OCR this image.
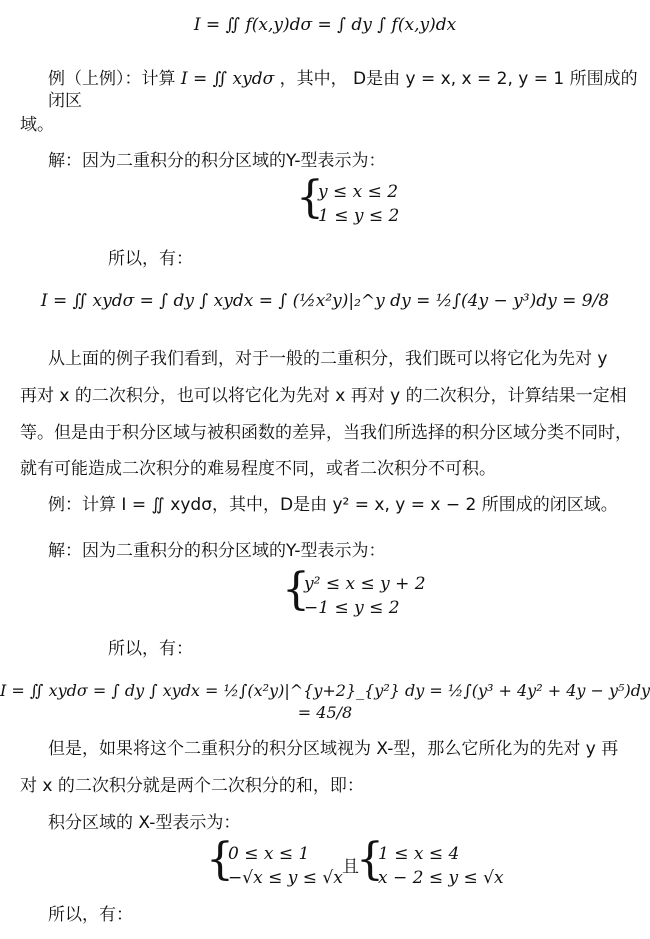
I = ∬ f(x,y)dσ = ∫ dy ∫ f(x,y)dx
例（上例）：计算 I = ∬ xydσ ，其中， D是由 y = x, x = 2, y = 1 所围成的闭区
域。
解：因为二重积分的积分区域的Y-型表示为：
{
y ≤ x ≤ 2
1 ≤ y ≤ 2
所以，有：
I = ∬ xydσ = ∫ dy ∫ xydx = ∫ (½x²y)|₂^y dy = ½∫(4y − y³)dy = 9/8
从上面的例子我们看到，对于一般的二重积分，我们既可以将它化为先对 y
再对 x 的二次积分，也可以将它化为先对 x 再对 y 的二次积分，计算结果一定相
等。但是由于积分区域与被积函数的差异，当我们所选择的积分区域分类不同时，
就有可能造成二次积分的难易程度不同，或者二次积分不可积。
例：计算 I = ∬ xydσ，其中，D是由 y² = x, y = x − 2 所围成的闭区域。
解：因为二重积分的积分区域的Y-型表示为：
{
y² ≤ x ≤ y + 2
−1 ≤ y ≤ 2
所以，有：
I = ∬ xydσ = ∫ dy ∫ xydx = ½∫(x²y)|^{y+2}_{y²} dy = ½∫(y³ + 4y² + 4y − y⁵)dy = 45/8
但是，如果将这个二重积分的积分区域视为 X-型，那么它所化为的先对 y 再
对 x 的二次积分就是两个二次积分的和，即：
积分区域的 X-型表示为：
{
0 ≤ x ≤ 1
−√x ≤ y ≤ √x
且
{
1 ≤ x ≤ 4
x − 2 ≤ y ≤ √x
所以，有：
